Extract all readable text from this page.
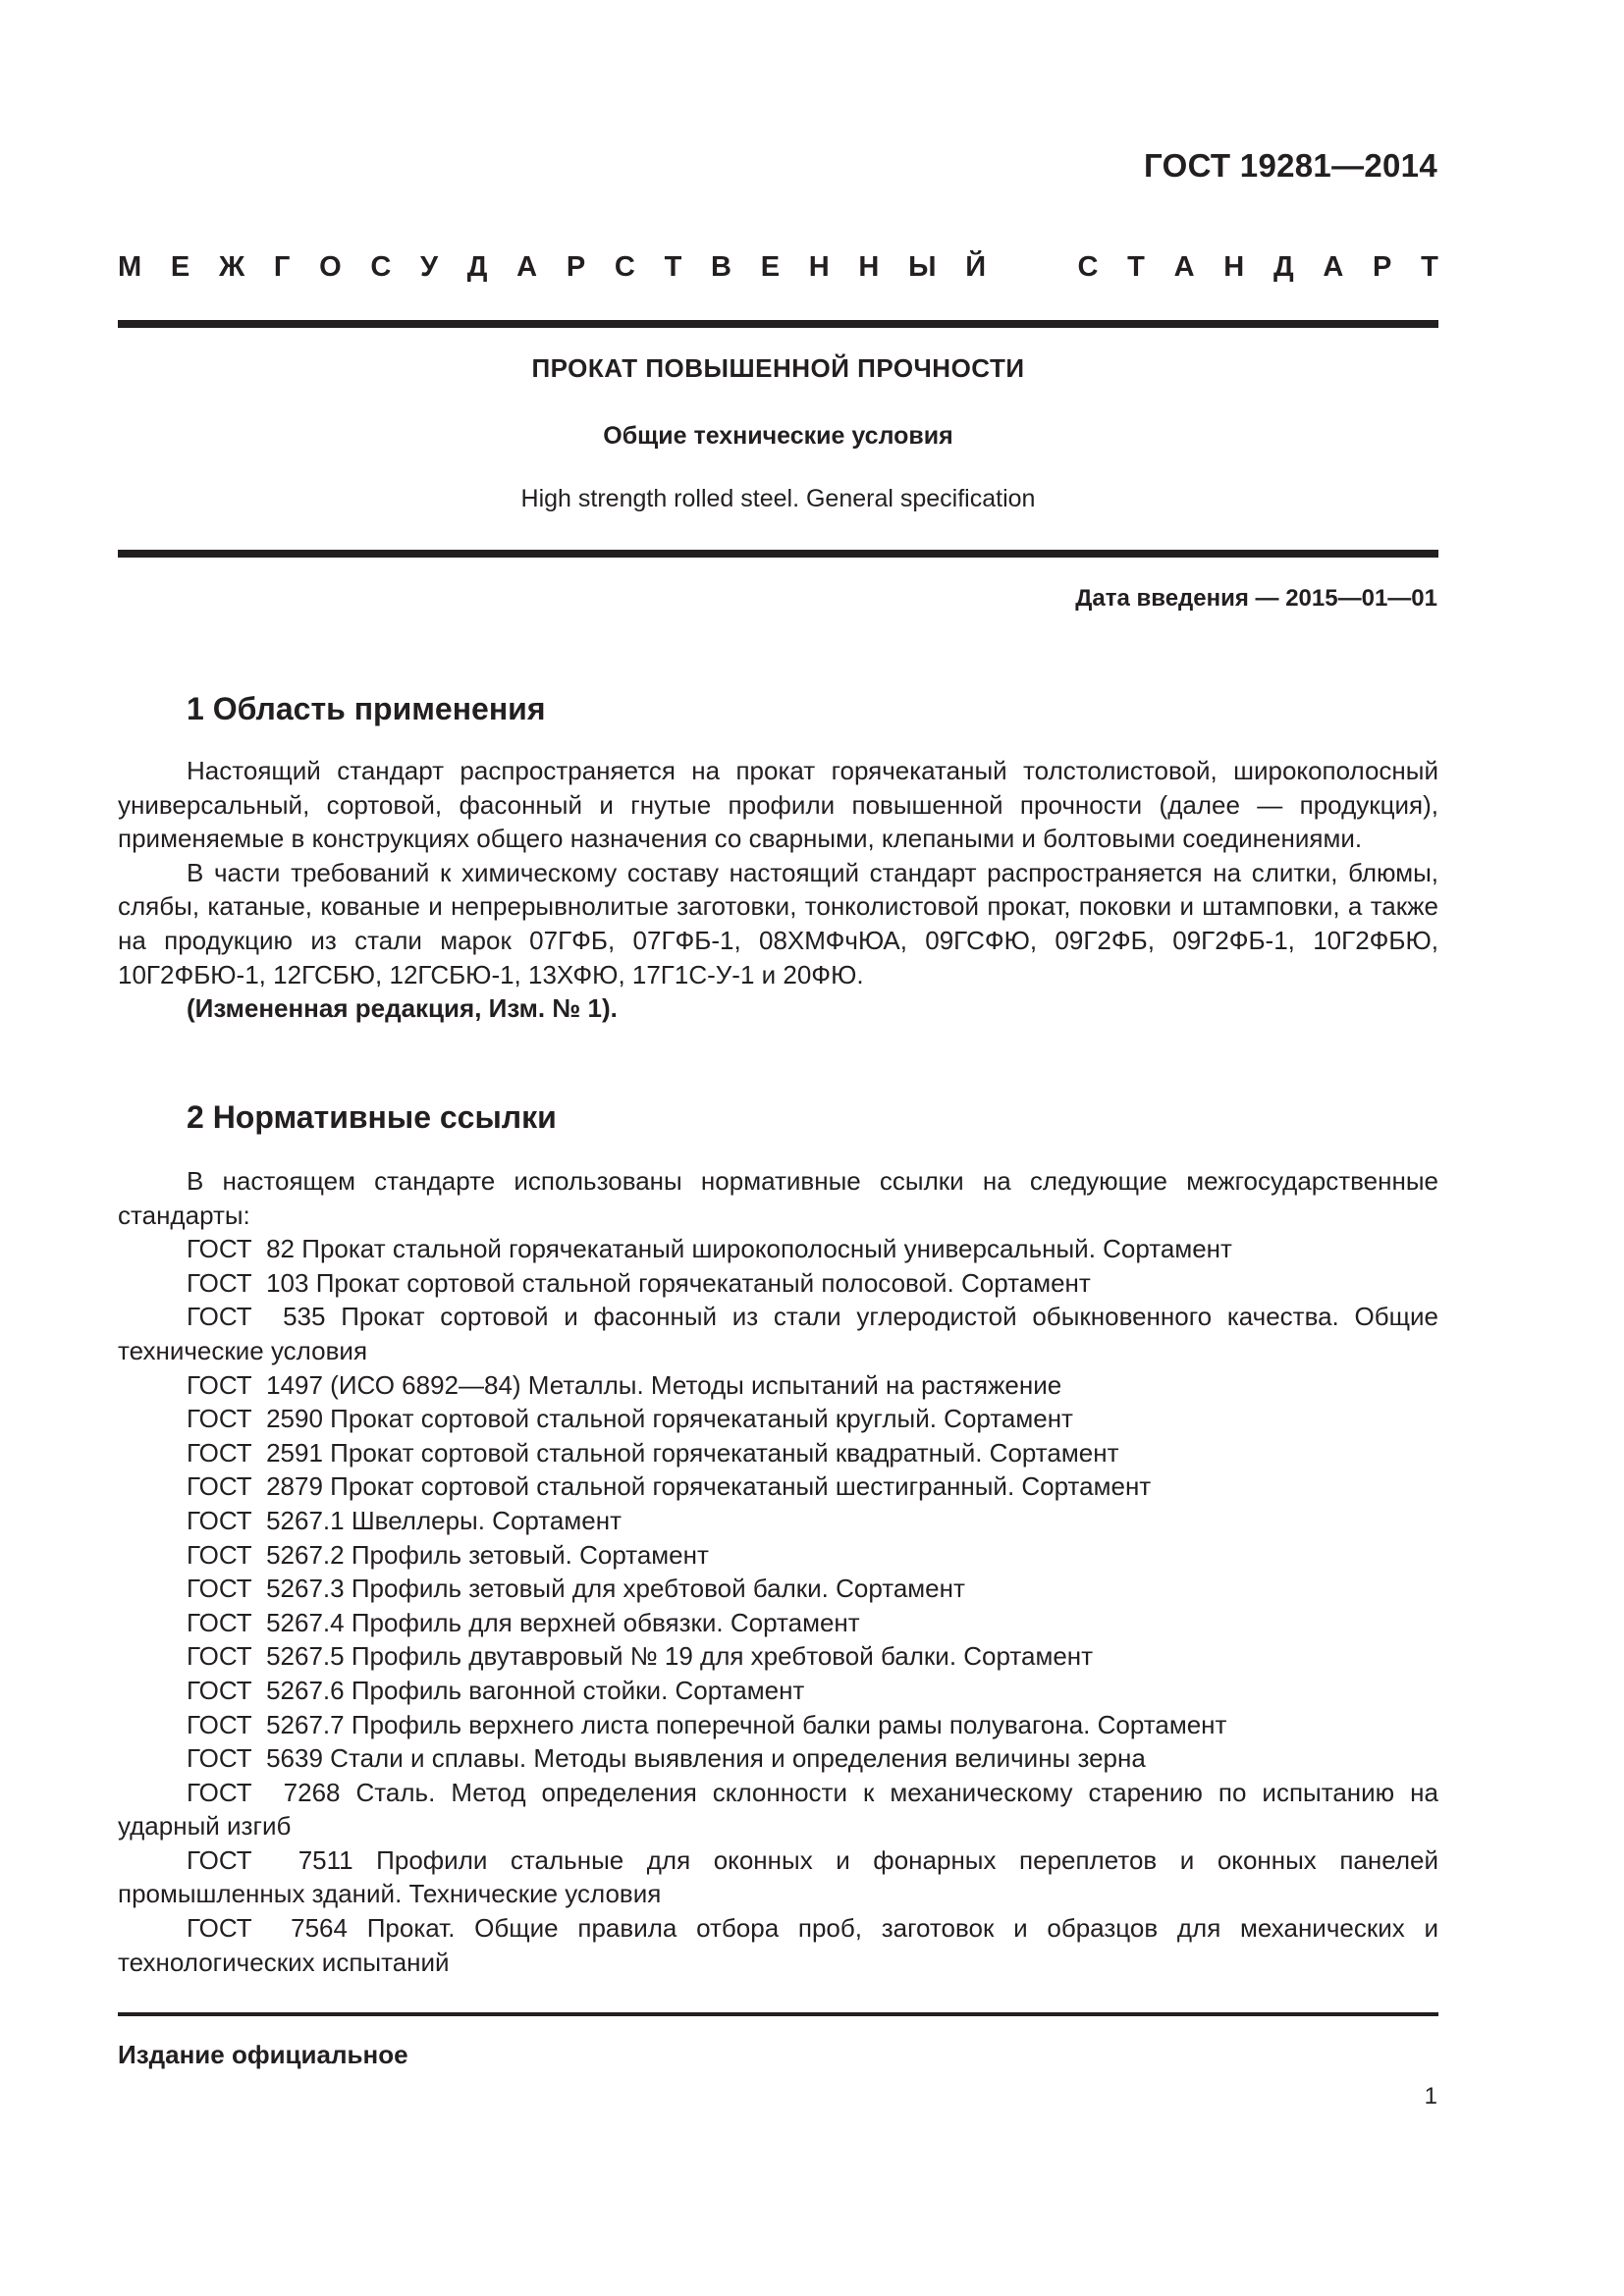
ГОСТ 19281—2014
М Е Ж Г О С У Д А Р С Т В Е Н Н Ы Й	С Т А Н Д А Р Т
ПРОКАТ ПОВЫШЕННОЙ ПРОЧНОСТИ
Общие технические условия
High strength rolled steel. General specification
Дата введения — 2015—01—01
1 Область применения

Настоящий стандарт распространяется на прокат горячекатаный толстолистовой, широкополосный универсальный, сортовой, фасонный и гнутые профили повышенной прочности (далее — продукция), применяемые в конструкциях общего назначения со сварными, клепаными и болтовыми соединениями.

В части требований к химическому составу настоящий стандарт распространяется на слитки, блюмы, слябы, катаные, кованые и непрерывнолитые заготовки, тонколистовой прокат, поковки и штамповки, а также на продукцию из стали марок 07ГФБ, 07ГФБ-1, 08ХМФчЮА, 09ГСФЮ, 09Г2ФБ, 09Г2ФБ-1, 10Г2ФБЮ, 10Г2ФБЮ-1, 12ГСБЮ, 12ГСБЮ-1, 13ХФЮ, 17Г1С-У-1 и 20ФЮ.

(Измененная редакция, Изм. № 1).

2 Нормативные ссылки

В настоящем стандарте использованы нормативные ссылки на следующие межгосударственные стандарты:

ГОСТ  82 Прокат стальной горячекатаный широкополосный универсальный. Сортамент

ГОСТ  103 Прокат сортовой стальной горячекатаный полосовой. Сортамент

ГОСТ  535 Прокат сортовой и фасонный из стали углеродистой обыкновенного качества. Общие технические условия

ГОСТ  1497 (ИСО 6892—84) Металлы. Методы испытаний на растяжение

ГОСТ  2590 Прокат сортовой стальной горячекатаный круглый. Сортамент

ГОСТ  2591 Прокат сортовой стальной горячекатаный квадратный. Сортамент

ГОСТ  2879 Прокат сортовой стальной горячекатаный шестигранный. Сортамент

ГОСТ  5267.1 Швеллеры. Сортамент

ГОСТ  5267.2 Профиль зетовый. Сортамент

ГОСТ  5267.3 Профиль зетовый для хребтовой балки. Сортамент

ГОСТ  5267.4 Профиль для верхней обвязки. Сортамент

ГОСТ  5267.5 Профиль двутавровый № 19 для хребтовой балки. Сортамент

ГОСТ  5267.6 Профиль вагонной стойки. Сортамент

ГОСТ  5267.7 Профиль верхнего листа поперечной балки рамы полувагона. Сортамент

ГОСТ  5639 Стали и сплавы. Методы выявления и определения величины зерна

ГОСТ  7268 Сталь. Метод определения склонности к механическому старению по испытанию на ударный изгиб

ГОСТ  7511 Профили стальные для оконных и фонарных переплетов и оконных панелей промышленных зданий. Технические условия

ГОСТ  7564 Прокат. Общие правила отбора проб, заготовок и образцов для механических и технологических испытаний

Издание официальное
1
